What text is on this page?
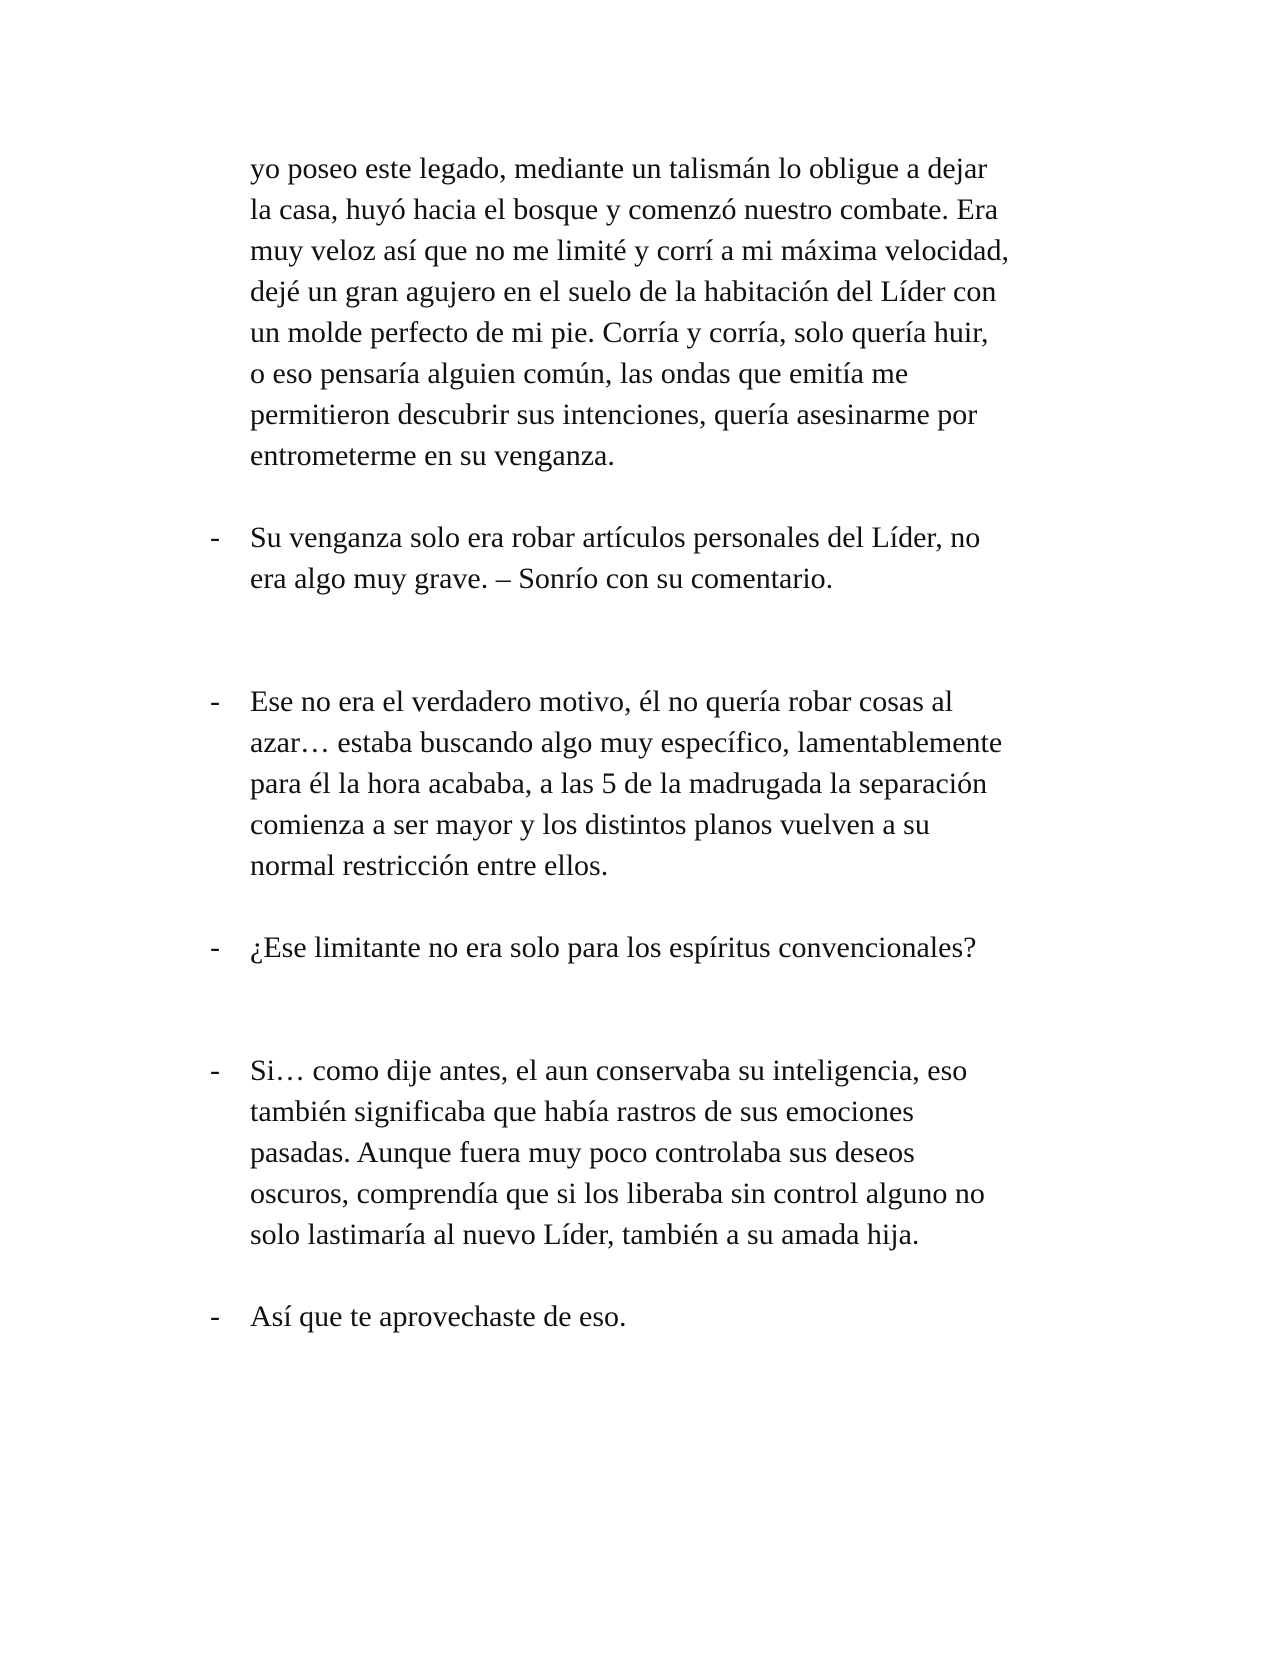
yo poseo este legado, mediante un talismán lo obligue a dejar
la casa, huyó hacia el bosque y comenzó nuestro combate. Era
muy veloz así que no me limité y corrí a mi máxima velocidad,
dejé un gran agujero en el suelo de la habitación del Líder con
un molde perfecto de mi pie. Corría y corría, solo quería huir,
o eso pensaría alguien común, las ondas que emitía me
permitieron descubrir sus intenciones, quería asesinarme por
entrometerme en su venganza.
- Su venganza solo era robar artículos personales del Líder, no
era algo muy grave. – Sonrío con su comentario.
- Ese no era el verdadero motivo, él no quería robar cosas al
azar… estaba buscando algo muy específico, lamentablemente
para él la hora acababa, a las 5 de la madrugada la separación
comienza a ser mayor y los distintos planos vuelven a su
normal restricción entre ellos.
- ¿Ese limitante no era solo para los espíritus convencionales?
- Si… como dije antes, el aun conservaba su inteligencia, eso
también significaba que había rastros de sus emociones
pasadas. Aunque fuera muy poco controlaba sus deseos
oscuros, comprendía que si los liberaba sin control alguno no
solo lastimaría al nuevo Líder, también a su amada hija.
- Así que te aprovechaste de eso.
